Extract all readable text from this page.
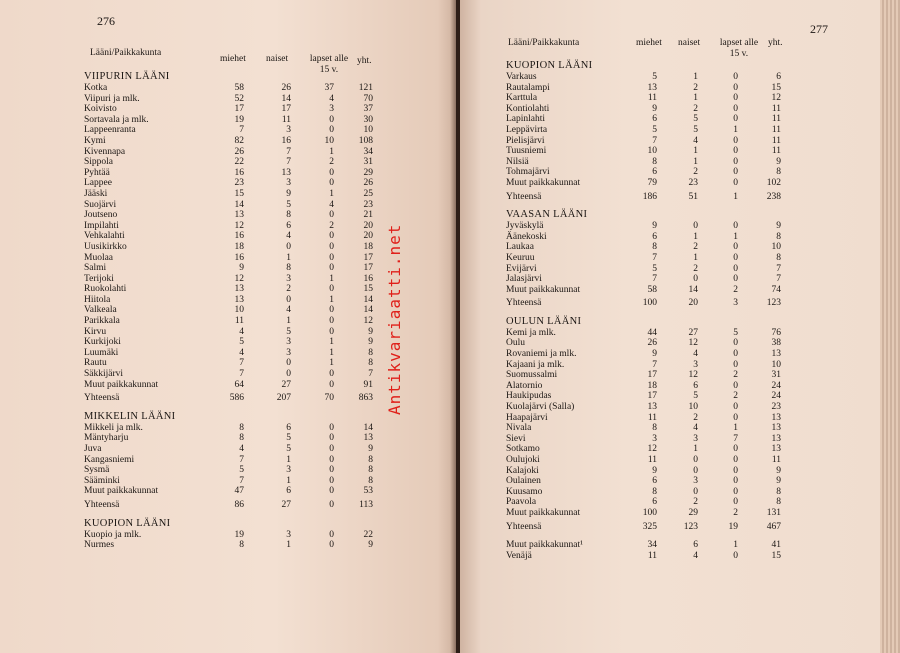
276
Lääni/Paikkakunta
miehet naiset	lapset alle 15 v.
yht.
VIIPURIN LÄÄNI
Kotka	58	26	37	121
Viipuri ja mlk.	52	14	4	70
Koivisto	17	17	3	37
Sortavala ja mlk.	19	11	0	30
Lappeenranta	7	3	0	10
Kymi	82	16	10	108
Kivennapa	26	7	1	34
Sippola	22	7	2	31
Pyhtää	16	13	0	29
Lappee	23	3	0	26
Jääski	15	9	1	25
Suojärvi	14	5	4	23
Joutseno	13	8	0	21
Impilahti	12	6	2	20
Vehkalahti	16	4	0	20
Uusikirkko	18	0	0	18
Muolaa	16	1	0	17
Salmi	9	8	0	17
Terijoki	12	3	1	16
Ruokolahti	13	2	0	15
Hiitola	13	0	1	14
Valkeala	10	4	0	14
Parikkala	11	1	0	12
Kirvu	4	5	0	9
Kurkijoki	5	3	1	9
Luumäki	4	3	1	8
Rautu	7	0	1	8
Säkkijärvi	7	0	0	7
Muut paikkakunnat	64	27	0	91
Yhteensä	586	207	70	863
MIKKELIN LÄÄNI
Mikkeli ja mlk.	8	6	0	14
Mäntyharju	8	5	0	13
Juva	4	5	0	9
Kangasniemi	7	1	0	8
Sysmä	5	3	0	8
Sääminki	7	1	0	8
Muut paikkakunnat	47	6	0	53
Yhteensä	86	27	0	113
KUOPION LÄÄNI
Kuopio ja mlk.	19	3	0	22
Nurmes	8	1	0	9
277
Lääni/Paikkakunta	miehet naiset	lapset alle 15 v.
yht.
KUOPION LÄÄNI
Varkaus	5	1	0	6
Rautalampi	13	2	0	15
Karttula	11	1	0	12
Kontiolahti	9	2	0	11
Lapinlahti	6	5	0	11
Leppävirta	5	5	1	11
Pielisjärvi	7	4	0	11
Tuusniemi	10	1	0	11
Nilsiä	8	1	0	9
Tohmajärvi	6	2	0	8
Muut paikkakunnat	79	23	0	102
Yhteensä	186	51	1	238
VAASAN LÄÄNI
Jyväskylä	9	0	0	9
Äänekoski	6	1	1	8
Laukaa	8	2	0	10
Keuruu	7	1	0	8
Evijärvi	5	2	0	7
Jalasjärvi	7	0	0	7
Muut paikkakunnat	58	14	2	74
Yhteensä	100	20	3	123
OULUN LÄÄNI
Kemi ja mlk.	44	27	5	76
Oulu	26	12	0	38
Rovaniemi ja mlk.	9	4	0	13
Kajaani ja mlk.	7	3	0	10
Suomussalmi	17	12	2	31
Alatornio	18	6	0	24
Haukipudas	17	5	2	24
Kuolajärvi (Salla)	13	10	0	23
Haapajärvi	11	2	0	13
Nivala	8	4	1	13
Sievi	3	3	7	13
Sotkamo	12	1	0	13
Oulujoki	11	0	0	11
Kalajoki	9	0	0	9
Oulainen	6	3	0	9
Kuusamo	8	0	0	8
Paavola	6	2	0	8
Muut paikkakunnat	100	29	2	131
Yhteensä	325	123	19	467
Muut paikkakunnat¹	34	6	1	41
Venäjä	11	4	0	15
Antikvariaatti.net
